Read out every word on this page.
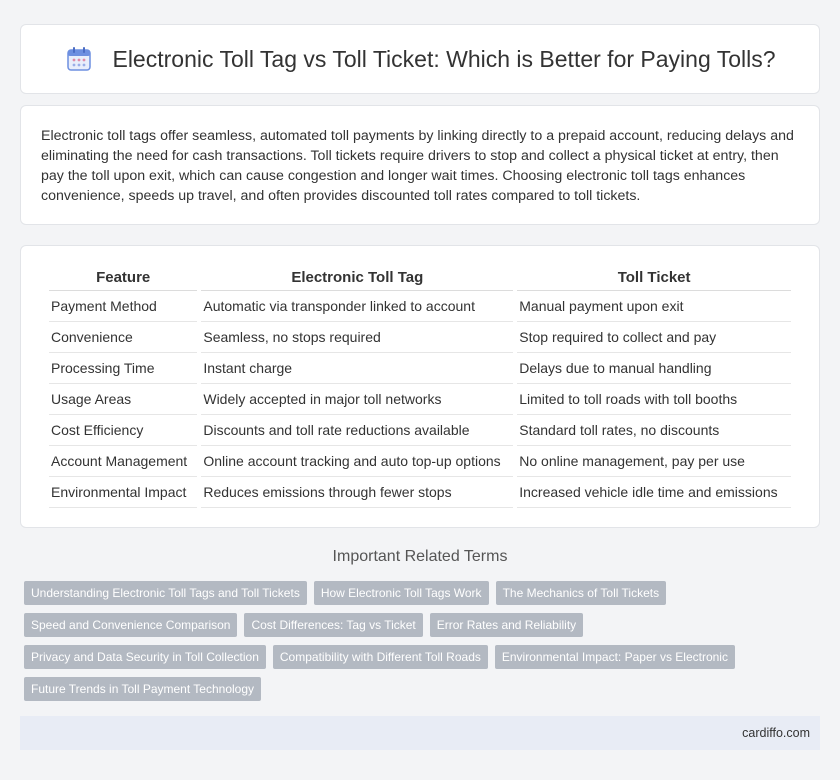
Electronic Toll Tag vs Toll Ticket: Which is Better for Paying Tolls?

Electronic toll tags offer seamless, automated toll payments by linking directly to a prepaid account, reducing delays and eliminating the need for cash transactions. Toll tickets require drivers to stop and collect a physical ticket at entry, then pay the toll upon exit, which can cause congestion and longer wait times. Choosing electronic toll tags enhances convenience, speeds up travel, and often provides discounted toll rates compared to toll tickets.

Feature	Electronic Toll Tag	Toll Ticket
Payment Method	Automatic via transponder linked to account	Manual payment upon exit
Convenience	Seamless, no stops required	Stop required to collect and pay
Processing Time	Instant charge	Delays due to manual handling
Usage Areas	Widely accepted in major toll networks	Limited to toll roads with toll booths
Cost Efficiency	Discounts and toll rate reductions available	Standard toll rates, no discounts
Account Management	Online account tracking and auto top-up options	No online management, pay per use
Environmental Impact	Reduces emissions through fewer stops	Increased vehicle idle time and emissions
Important Related Terms
Understanding Electronic Toll Tags and Toll Tickets	How Electronic Toll Tags Work	The Mechanics of Toll Tickets
Speed and Convenience Comparison	Cost Differences: Tag vs Ticket	Error Rates and Reliability
Privacy and Data Security in Toll Collection	Compatibility with Different Toll Roads	Environmental Impact: Paper vs Electronic
Future Trends in Toll Payment Technology
cardiffo.com
